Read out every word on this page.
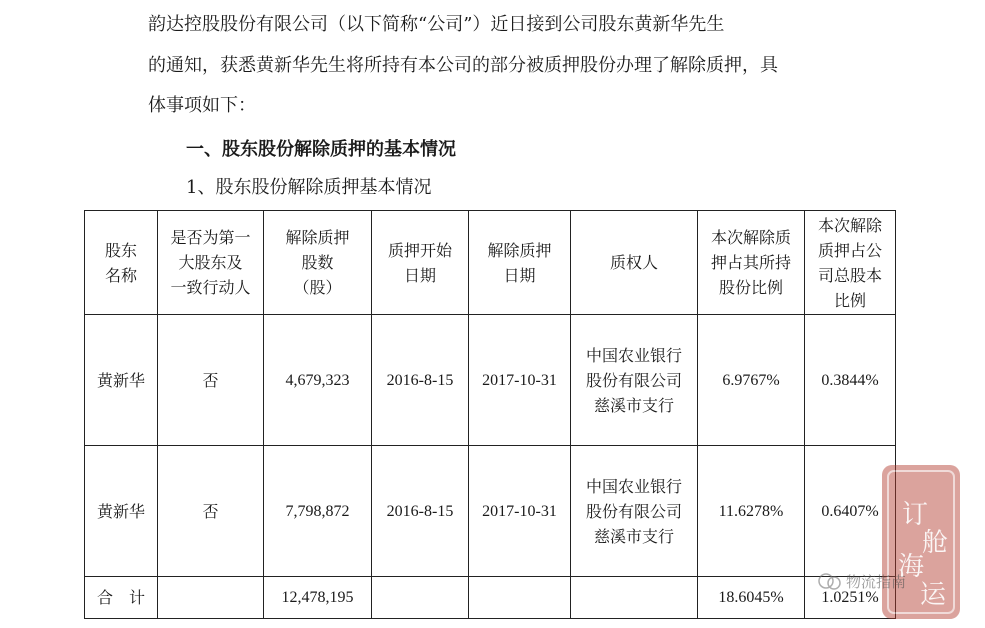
韵达控股股份有限公司（以下简称“公司”）近日接到公司股东黄新华先生
的通知，获悉黄新华先生将所持有本公司的部分被质押股份办理了解除质押，具
体事项如下：
一、股东股份解除质押的基本情况
1、股东股份解除质押基本情况
股东
名称	是否为第一
大股东及
一致行动人	解除质押
股数
（股）	质押开始
日期	解除质押
日期	质权人	本次解除质
押占其所持
股份比例	本次解除
质押占公
司总股本
比例

黄新华	否	4,679,323	2016-8-15	2017-10-31	中国农业银行
股份有限公司
慈溪市支行	6.9767%	0.3844%
黄新华	否	7,798,872	2016-8-15	2017-10-31	中国农业银行
股份有限公司
慈溪市支行	11.6278%	0.6407%
合　计		12,478,195				18.6045%	1.0251%
订
舱
海
运
物流指南
